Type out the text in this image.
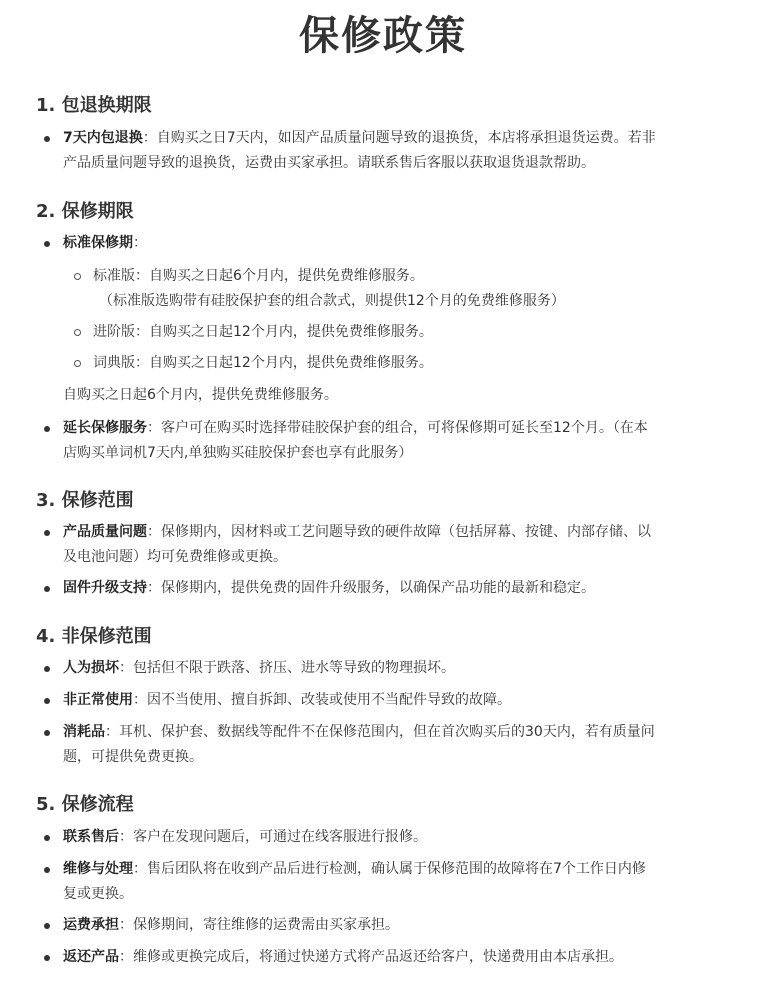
保修政策
1. 包退换期限
7天内包退换：自购买之日7天内，如因产品质量问题导致的退换货，本店将承担退货运费。若非
产品质量问题导致的退换货，运费由买家承担。请联系售后客服以获取退货退款帮助。
2. 保修期限
标准保修期：
标准版：自购买之日起6个月内，提供免费维修服务。
（标准版选购带有硅胶保护套的组合款式，则提供12个月的免费维修服务）
进阶版：自购买之日起12个月内，提供免费维修服务。
词典版：自购买之日起12个月内，提供免费维修服务。
自购买之日起6个月内，提供免费维修服务。
延长保修服务：客户可在购买时选择带硅胶保护套的组合，可将保修期可延长至12个月。（在本
店购买单词机7天内,单独购买硅胶保护套也享有此服务）
3. 保修范围
产品质量问题：保修期内，因材料或工艺问题导致的硬件故障（包括屏幕、按键、内部存储、以
及电池问题）均可免费维修或更换。
固件升级支持：保修期内，提供免费的固件升级服务，以确保产品功能的最新和稳定。
4. 非保修范围
人为损坏：包括但不限于跌落、挤压、进水等导致的物理损坏。
非正常使用：因不当使用、擅自拆卸、改装或使用不当配件导致的故障。
消耗品：耳机、保护套、数据线等配件不在保修范围内，但在首次购买后的30天内，若有质量问
题，可提供免费更换。
5. 保修流程
联系售后：客户在发现问题后，可通过在线客服进行报修。
维修与处理：售后团队将在收到产品后进行检测，确认属于保修范围的故障将在7个工作日内修
复或更换。
运费承担：保修期间，寄往维修的运费需由买家承担。
返还产品：维修或更换完成后，将通过快递方式将产品返还给客户，快递费用由本店承担。
